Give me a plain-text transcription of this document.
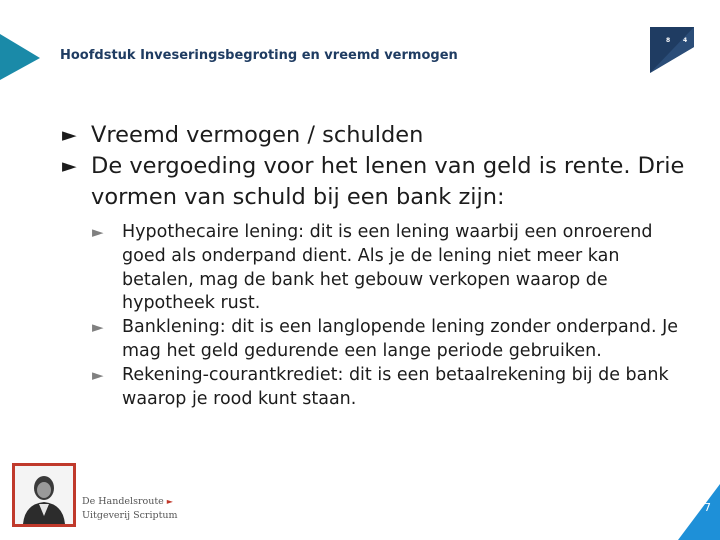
Hoofdstuk Inveseringsbegroting en vreemd vermogen
8 4
► Vreemd vermogen / schulden
► De vergoeding voor het lenen van geld is rente. Drie vormen van schuld bij een bank zijn:
► Hypothecaire lening: dit is een lening waarbij een onroerend goed als onderpand dient. Als je de lening niet meer kan betalen, mag de bank het gebouw verkopen waarop de hypotheek rust.
► Banklening: dit is een langlopende lening zonder onderpand. Je mag het geld gedurende een lange periode gebruiken.
► Rekening-courantkrediet: dit is een betaalrekening bij de bank waarop je rood kunt staan.
De Handelsroute ►
Uitgeverij Scriptum
7
